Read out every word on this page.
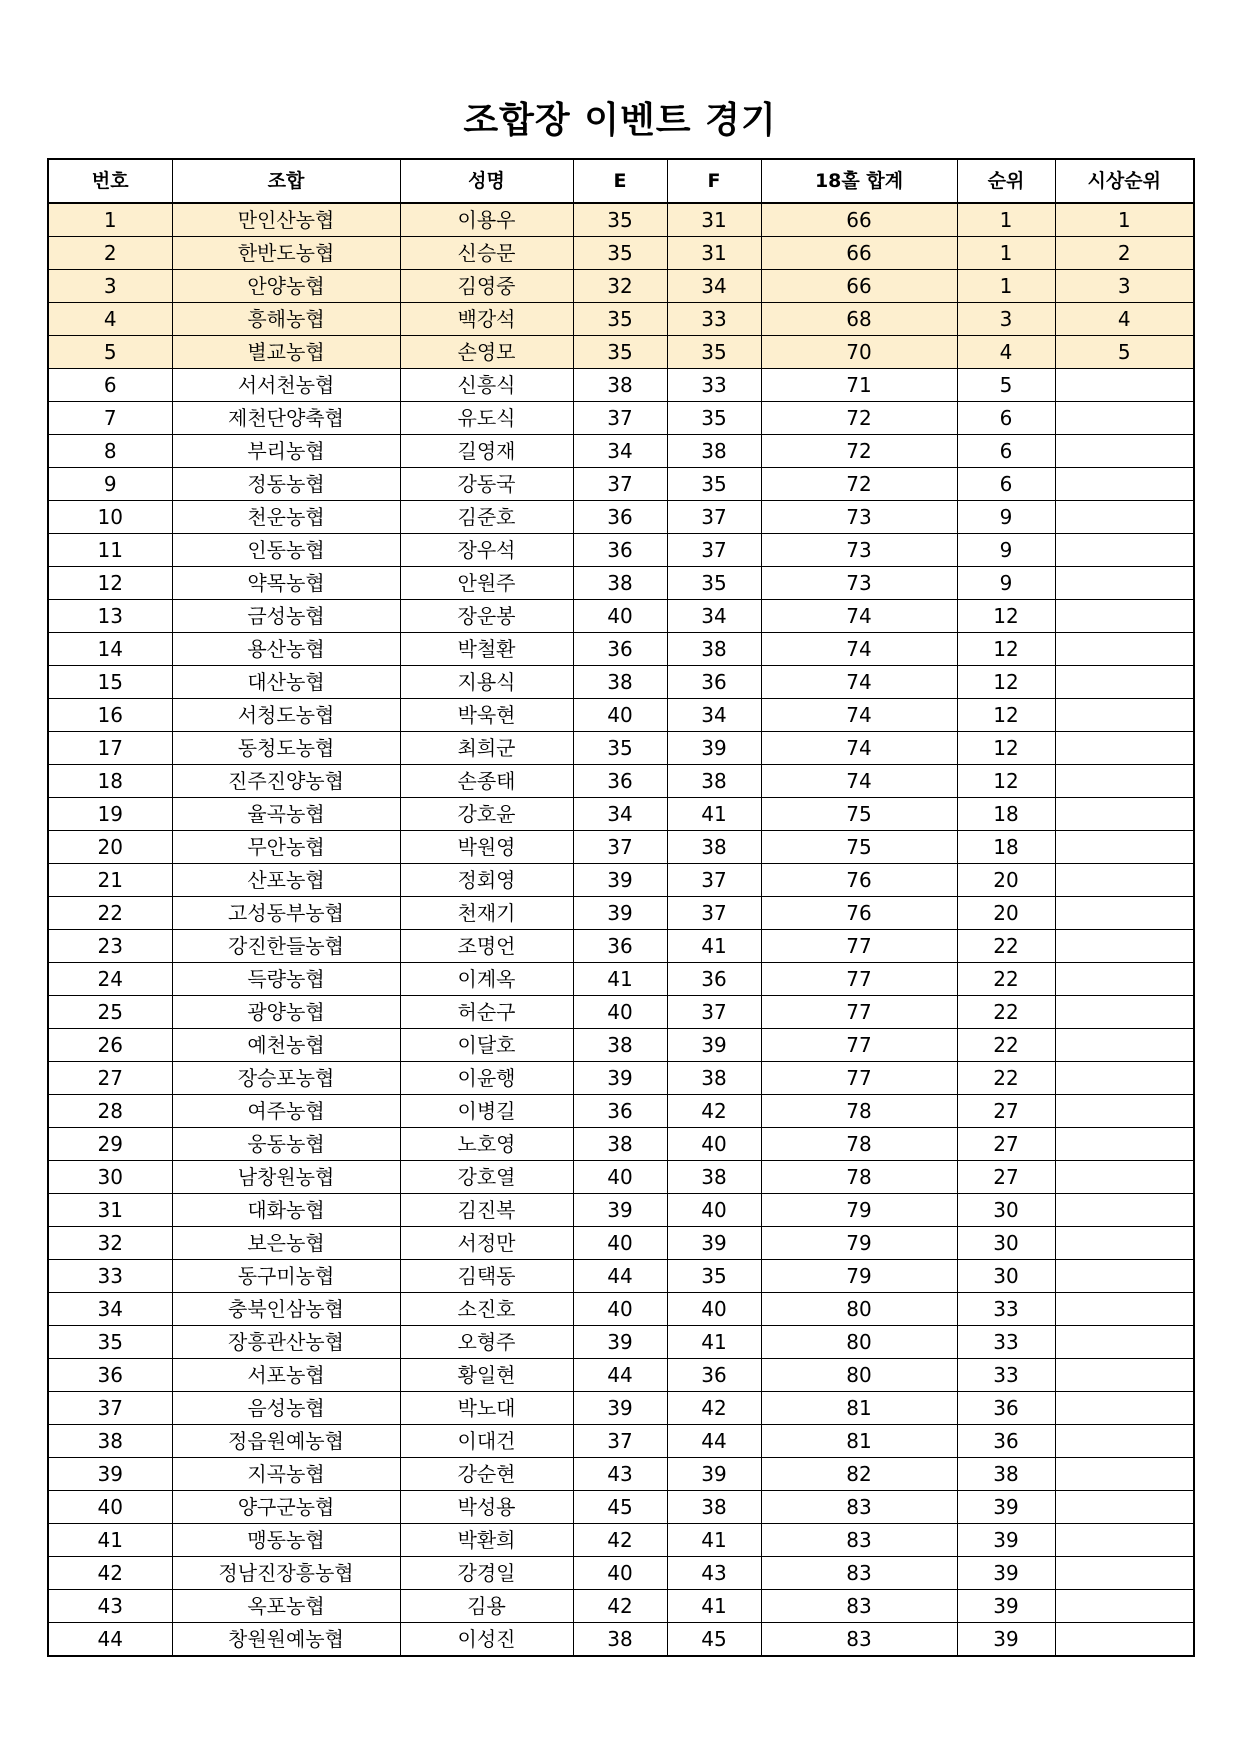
조합장 이벤트 경기
번호	조합	성명	E	F	18홀 합계	순위	시상순위
1	만인산농협	이용우	35	31	66	1	1
2	한반도농협	신승문	35	31	66	1	2
3	안양농협	김영중	32	34	66	1	3
4	흥해농협	백강석	35	33	68	3	4
5	별교농협	손영모	35	35	70	4	5
6	서서천농협	신흥식	38	33	71	5	
7	제천단양축협	유도식	37	35	72	6	
8	부리농협	길영재	34	38	72	6	
9	정동농협	강동국	37	35	72	6	
10	천운농협	김준호	36	37	73	9	
11	인동농협	장우석	36	37	73	9	
12	약목농협	안원주	38	35	73	9	
13	금성농협	장운봉	40	34	74	12	
14	용산농협	박철환	36	38	74	12	
15	대산농협	지용식	38	36	74	12	
16	서청도농협	박욱현	40	34	74	12	
17	동청도농협	최희군	35	39	74	12	
18	진주진양농협	손종태	36	38	74	12	
19	율곡농협	강호윤	34	41	75	18	
20	무안농협	박원영	37	38	75	18	
21	산포농협	정회영	39	37	76	20	
22	고성동부농협	천재기	39	37	76	20	
23	강진한들농협	조명언	36	41	77	22	
24	득량농협	이계옥	41	36	77	22	
25	광양농협	허순구	40	37	77	22	
26	예천농협	이달호	38	39	77	22	
27	장승포농협	이윤행	39	38	77	22	
28	여주농협	이병길	36	42	78	27	
29	웅동농협	노호영	38	40	78	27	
30	남창원농협	강호열	40	38	78	27	
31	대화농협	김진복	39	40	79	30	
32	보은농협	서정만	40	39	79	30	
33	동구미농협	김택동	44	35	79	30	
34	충북인삼농협	소진호	40	40	80	33	
35	장흥관산농협	오형주	39	41	80	33	
36	서포농협	황일현	44	36	80	33	
37	음성농협	박노대	39	42	81	36	
38	정읍원예농협	이대건	37	44	81	36	
39	지곡농협	강순현	43	39	82	38	
40	양구군농협	박성용	45	38	83	39	
41	맹동농협	박환희	42	41	83	39	
42	정남진장흥농협	강경일	40	43	83	39	
43	옥포농협	김용	42	41	83	39	
44	창원원예농협	이성진	38	45	83	39	
